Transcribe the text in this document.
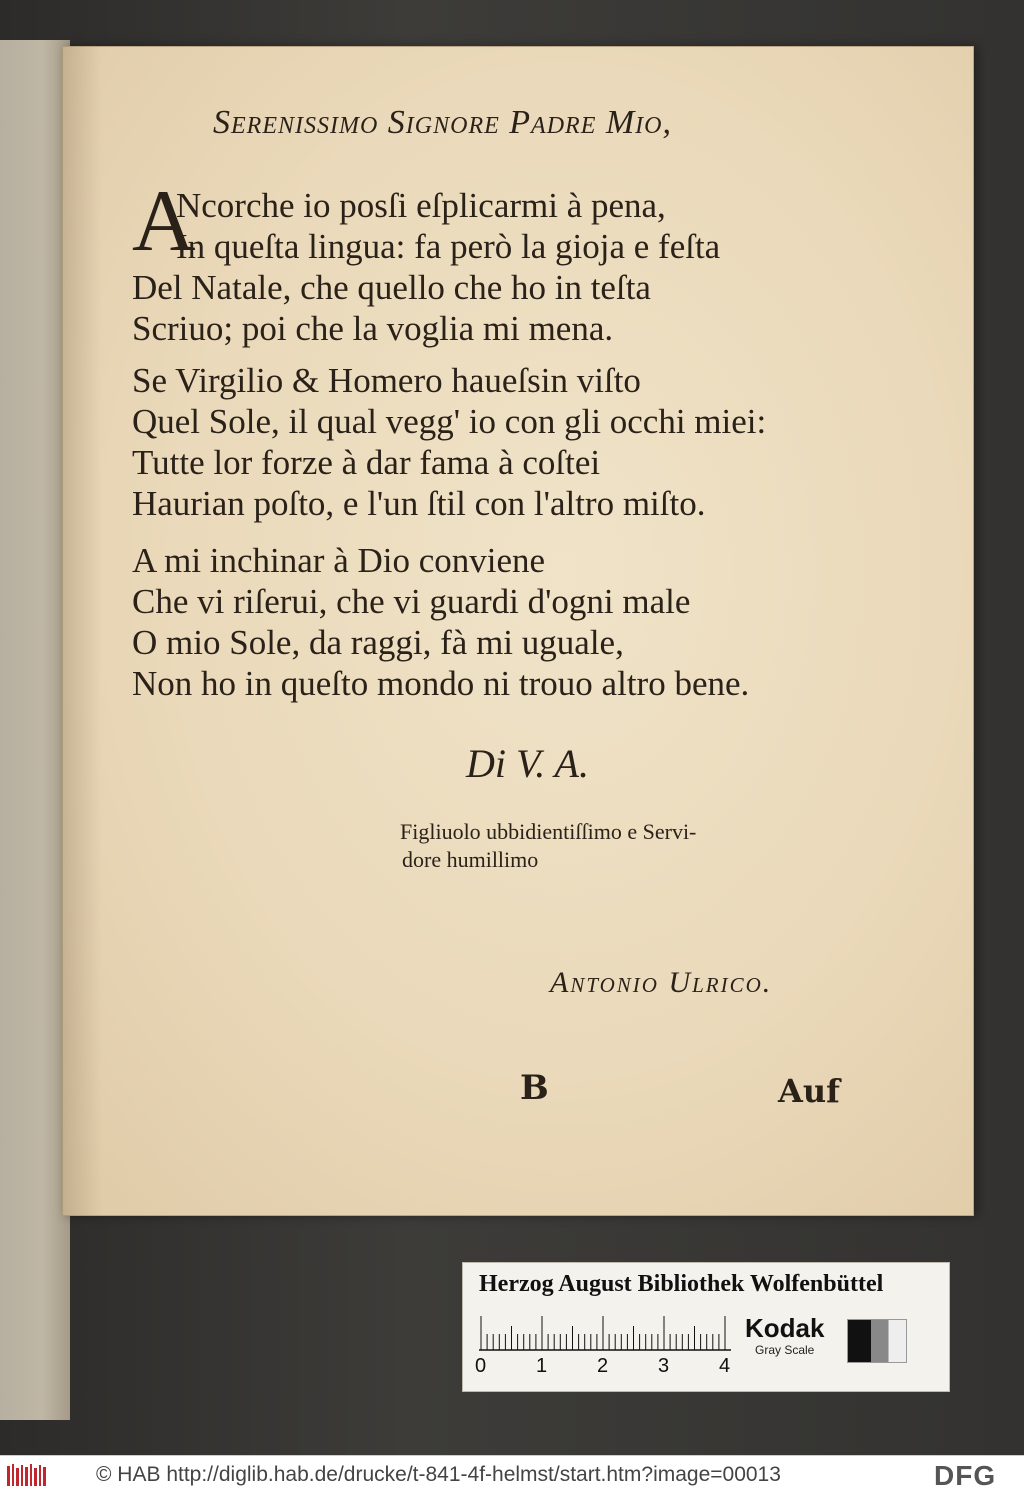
Serenissimo Signore Padre Mio,
A
Ncorche io posſi eſplicarmi à pena,
In queſta lingua: fa però la gioja e feſta
Del Natale, che quello che ho in teſta
Scriuo; poi che la voglia mi mena.
Se Virgilio & Homero haueſsin viſto
Quel Sole, il qual vegg' io con gli occhi miei:
Tutte lor forze à dar fama à coſtei
Haurian poſto, e l'un ſtil con l'altro miſto.
A mi inchinar à Dio conviene
Che vi riſerui, che vi guardi d'ogni male
O mio Sole, da raggi, fà mi uguale,
Non ho in queſto mondo ni trouo altro bene.
Di V. A.
Figliuolo ubbidientiſſimo e Servi-
dore humillimo
Antonio Ulrico.
B	Auf
Herzog August Bibliothek Wolfenbüttel
0 1 2 3 4
Kodak
Gray Scale
© HAB http://diglib.hab.de/drucke/t-841-4f-helmst/start.htm?image=00013	DFG
